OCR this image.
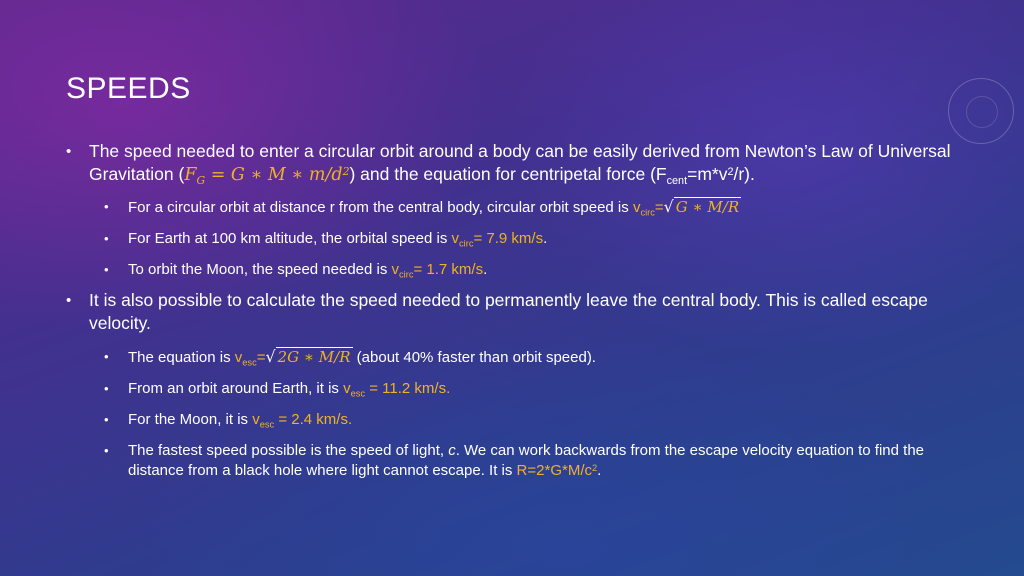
SPEEDS
• The speed needed to enter a circular orbit around a body can be easily derived from Newton’s Law of Universal Gravitation ($F_G = G$ ∗ M ∗ $m/d^2$) and the equation for centripetal force $(F_{cent}=m*v^2/r)$.
• For a circular orbit at distance r from the central body, circular orbit speed is $v_{circ}=√$ G ∗ M/R
• For Earth at 100 km altitude, the orbital speed is $v_{circ}= 7.9$ km/s.
• To orbit the Moon, the speed needed is $v_{circ}= 1.7$ km/s.
• It is also possible to calculate the speed needed to permanently leave the central body. This is called escape velocity.
• The equation is $v_{esc}=√$ 2G ∗ M/R (about 40% faster than orbit speed).
• From an orbit around Earth, it is $v_{esc} = 11.2$ km/s.
• For the Moon, it is $v_{esc} = 2.4$ km/s.
• The fastest speed possible is the speed of light, c. We can work backwards from the escape velocity equation to find the distance from a black hole where light cannot escape. It is $R=2*G*M/c^2$.
